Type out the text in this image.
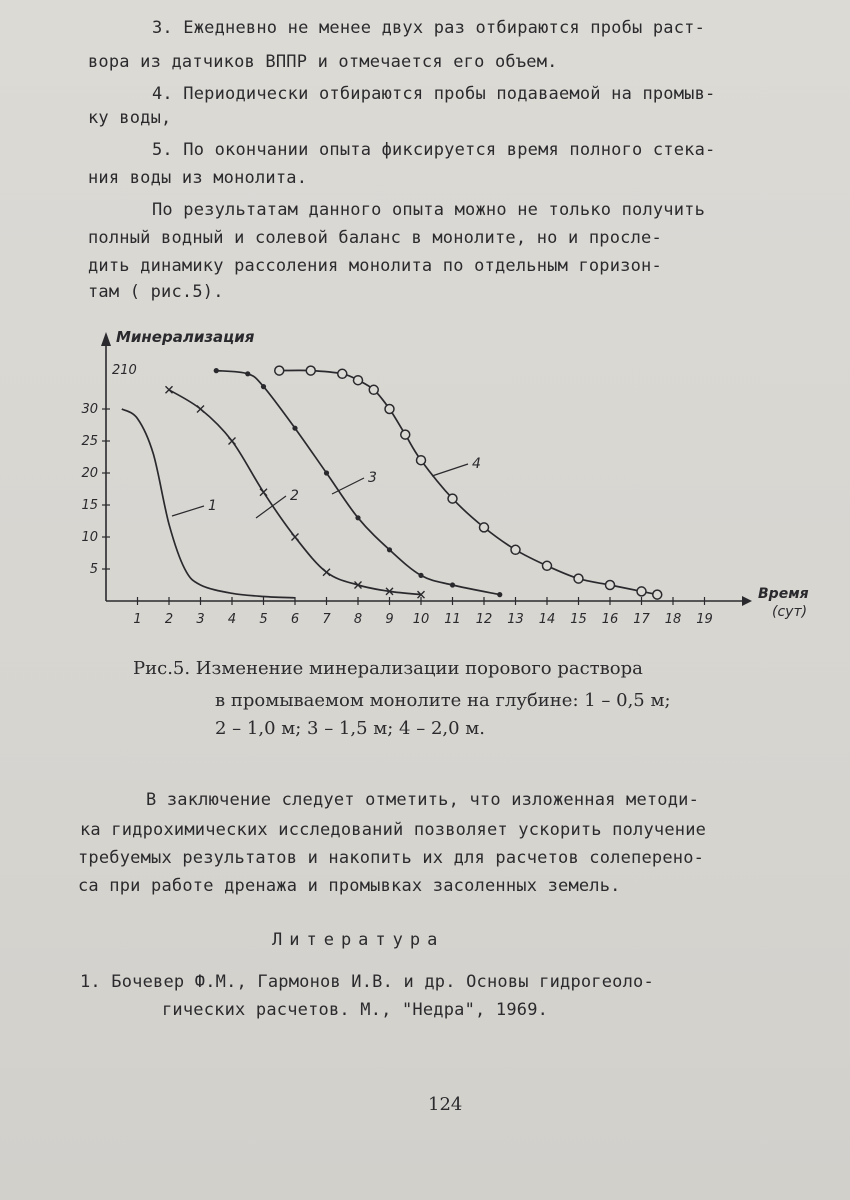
3. Ежедневно не менее двух раз отбираются пробы раст-
вора из датчиков ВППР и отмечается его объем.
4. Периодически отбираются пробы подаваемой на промыв-
ку воды,
5. По окончании опыта фиксируется время полного стека-
ния воды из монолита.
По результатам данного опыта можно не только получить
полный водный и солевой баланс в монолите, но и просле-
дить динамику рассоления монолита по отдельным горизон-
там ( рис.5).
1 2 3 4 5 6 7 8 9 10 11 12 13 14 15 16 17 18 19
5
10
15
20
25
30
210
Минерализация
Время
(сут)
1
2
3
4
Рис.5. Изменение минерализации порового раствора
в промываемом монолите на глубине: 1 – 0,5 м;
2 – 1,0 м; 3 – 1,5 м; 4 – 2,0 м.
В заключение следует отметить, что изложенная методи-
ка гидрохимических исследований позволяет ускорить получение
требуемых результатов и накопить их для расчетов солеперено-
са при работе дренажа и промывках засоленных земель.
Литература
1. Бочевер Ф.М., Гармонов И.В. и др. Основы гидрогеоло-
гических расчетов. М., "Недра", 1969.
124
